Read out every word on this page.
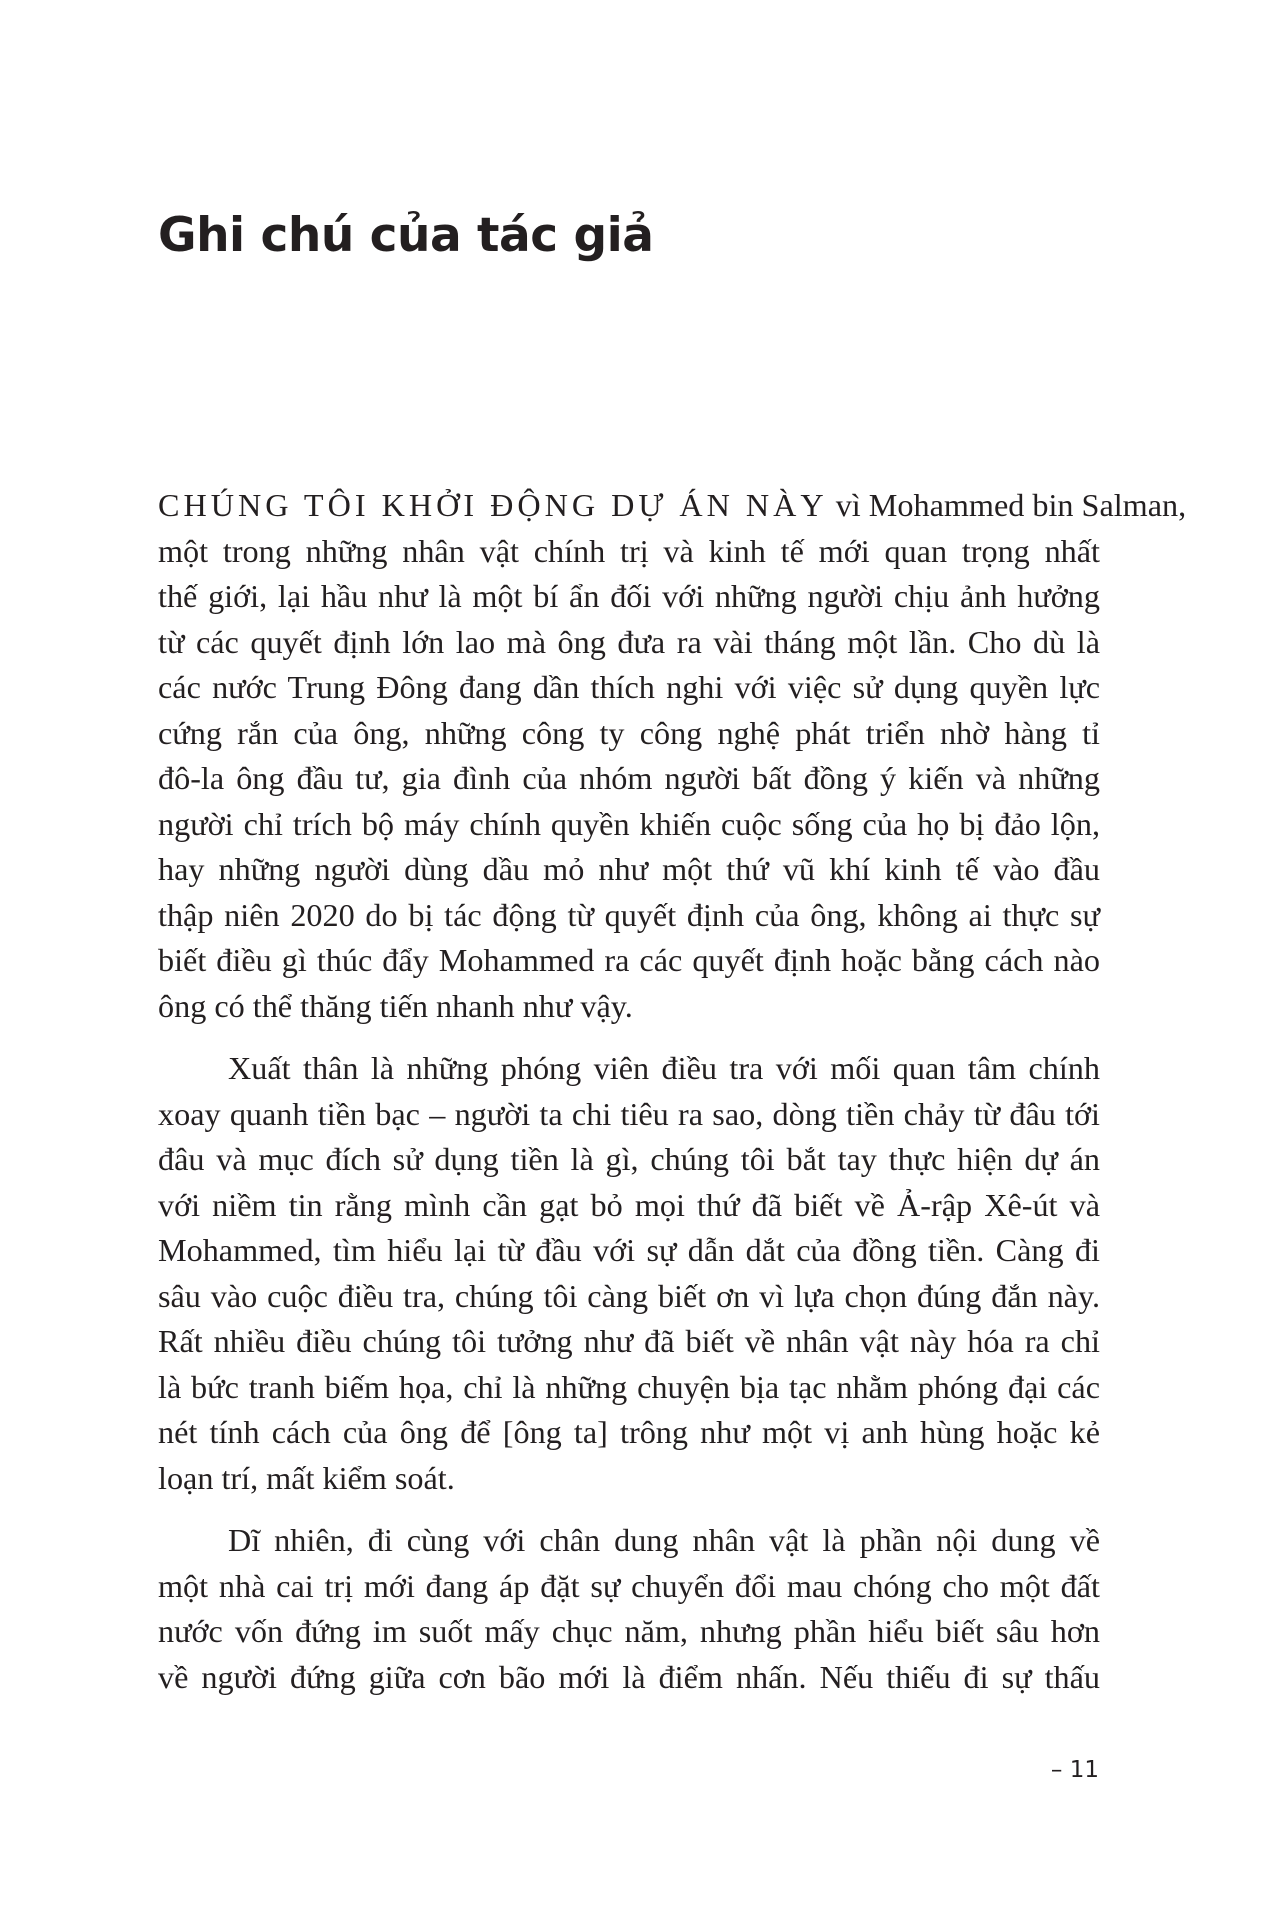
Ghi chú của tác giả
CHÚNG TÔI KHỞI ĐỘNG DỰ ÁN NÀY vì Mohammed bin Salman,
một trong những nhân vật chính trị và kinh tế mới quan trọng nhất
thế giới, lại hầu như là một bí ẩn đối với những người chịu ảnh hưởng
từ các quyết định lớn lao mà ông đưa ra vài tháng một lần. Cho dù là
các nước Trung Đông đang dần thích nghi với việc sử dụng quyền lực
cứng rắn của ông, những công ty công nghệ phát triển nhờ hàng tỉ
đô-la ông đầu tư, gia đình của nhóm người bất đồng ý kiến và những
người chỉ trích bộ máy chính quyền khiến cuộc sống của họ bị đảo lộn,
hay những người dùng dầu mỏ như một thứ vũ khí kinh tế vào đầu
thập niên 2020 do bị tác động từ quyết định của ông, không ai thực sự
biết điều gì thúc đẩy Mohammed ra các quyết định hoặc bằng cách nào
ông có thể thăng tiến nhanh như vậy.
Xuất thân là những phóng viên điều tra với mối quan tâm chính
xoay quanh tiền bạc – người ta chi tiêu ra sao, dòng tiền chảy từ đâu tới
đâu và mục đích sử dụng tiền là gì, chúng tôi bắt tay thực hiện dự án
với niềm tin rằng mình cần gạt bỏ mọi thứ đã biết về Ả-rập Xê-út và
Mohammed, tìm hiểu lại từ đầu với sự dẫn dắt của đồng tiền. Càng đi
sâu vào cuộc điều tra, chúng tôi càng biết ơn vì lựa chọn đúng đắn này.
Rất nhiều điều chúng tôi tưởng như đã biết về nhân vật này hóa ra chỉ
là bức tranh biếm họa, chỉ là những chuyện bịa tạc nhằm phóng đại các
nét tính cách của ông để [ông ta] trông như một vị anh hùng hoặc kẻ
loạn trí, mất kiểm soát.
Dĩ nhiên, đi cùng với chân dung nhân vật là phần nội dung về
một nhà cai trị mới đang áp đặt sự chuyển đổi mau chóng cho một đất
nước vốn đứng im suốt mấy chục năm, nhưng phần hiểu biết sâu hơn
về người đứng giữa cơn bão mới là điểm nhấn. Nếu thiếu đi sự thấu
– 11
